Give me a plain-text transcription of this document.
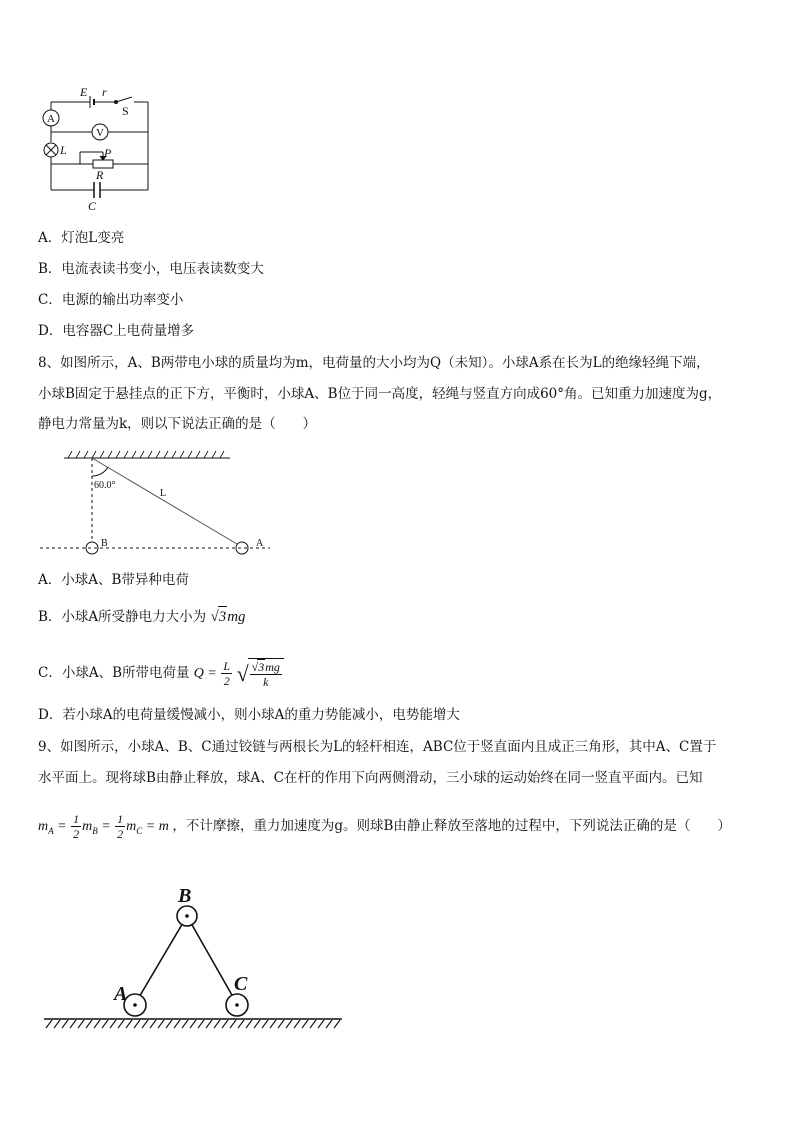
E r
P
R
C
L
S
A
V
A．灯泡L变亮
B．电流表读书变小，电压表读数变大
C．电源的输出功率变小
D．电容器C上电荷量增多
8、如图所示，A、B两带电小球的质量均为m，电荷量的大小均为Q（未知）。小球A系在长为L的绝缘轻绳下端，
小球B固定于悬挂点的正下方，平衡时，小球A、B位于同一高度，轻绳与竖直方向成60°角。已知重力加速度为g，
静电力常量为k，则以下说法正确的是（　　）
60.0°
L
B	A
A．小球A、B带异种电荷
B．小球A所受静电力大小为 √3mg
C．小球A、B所带电荷量 $Q = \frac{L}{2}$ √ $\frac{√3mg}{k}$
D．若小球A的电荷量缓慢减小，则小球A的重力势能减小，电势能增大
9、如图所示，小球A、B、C通过铰链与两根长为L的轻杆相连，ABC位于竖直面内且成正三角形，其中A、C置于
水平面上。现将球B由静止释放，球A、C在杆的作用下向两侧滑动，三小球的运动始终在同一竖直平面内。已知
$m_A = \frac{1}{2} m_B = \frac{1}{2} m_C = m$ ，不计摩擦，重力加速度为g。则球B由静止释放至落地的过程中，下列说法正确的是（　　）
B
A	C
